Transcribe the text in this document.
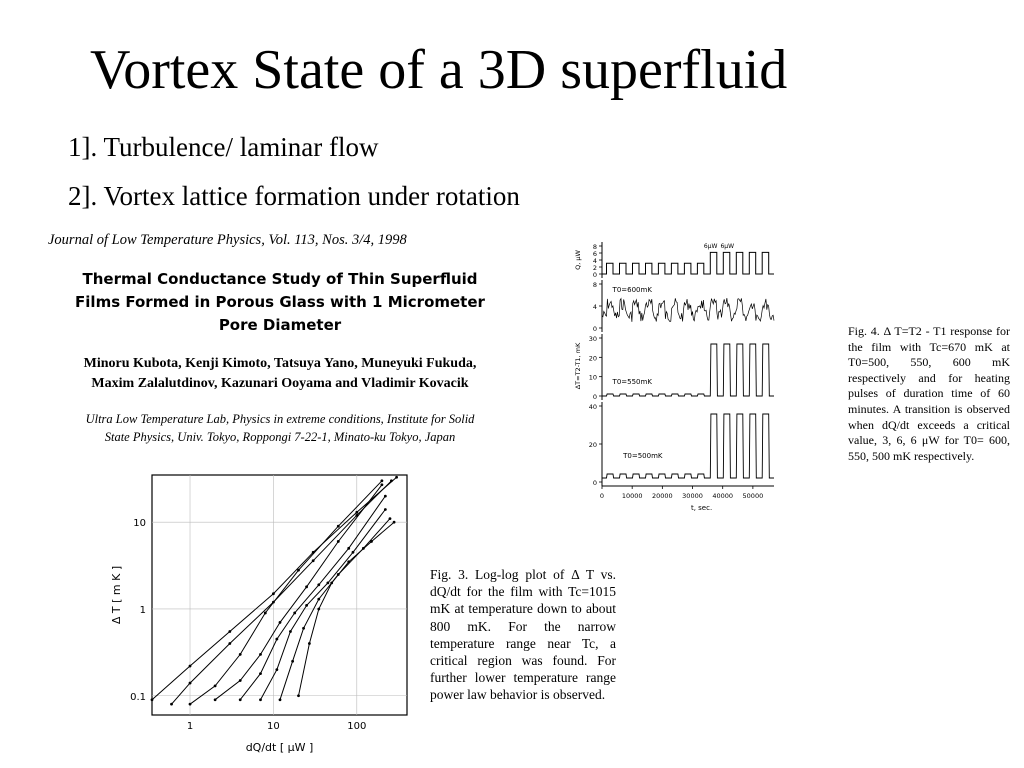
Vortex State of a 3D superfluid
1]. Turbulence/ laminar flow
2]. Vortex lattice formation under rotation
Journal of Low Temperature Physics, Vol. 113, Nos. 3/4, 1998
Thermal Conductance Study of Thin Superfluid
Films Formed in Porous Glass with 1 Micrometer
Pore Diameter
Minoru Kubota, Kenji Kimoto, Tatsuya Yano, Muneyuki Fukuda,
Maxim Zalalutdinov, Kazunari Ooyama and Vladimir Kovacik
Ultra Low Temperature Lab, Physics in extreme conditions, Institute for Solid
State Physics, Univ. Tokyo, Roppongi 7-22-1, Minato-ku Tokyo, Japan
1	10	100
0.1
1
10
dQ/dt [ μW ]
Δ T [ m K ]	Fig. 3. Log-log plot of Δ T vs. dQ/dt for the film with Tc=1015 mK at temperature down to about 800 mK. For the narrow temperature range near Tc, a critical region was found. For further lower temperature range power law behavior is observed.
8
6
4
2
0
8
4
0
30
20
10
0
40
20
0
0	10000 20000 30000 40000 50000
t, sec.
6μW 6μW
Q, μW
T0=600mK
ΔT=T2-T1, mK	T0=550mK
T0=500mK
Fig. 4. Δ T=T2 - T1 response for the film with Tc=670 mK at T0=500, 550, 600 mK respectively and for heating pulses of duration time of 60 minutes. A transition is observed when dQ/dt exceeds a critical value, 3, 6, 6 μW for T0= 600, 550, 500 mK respectively.
